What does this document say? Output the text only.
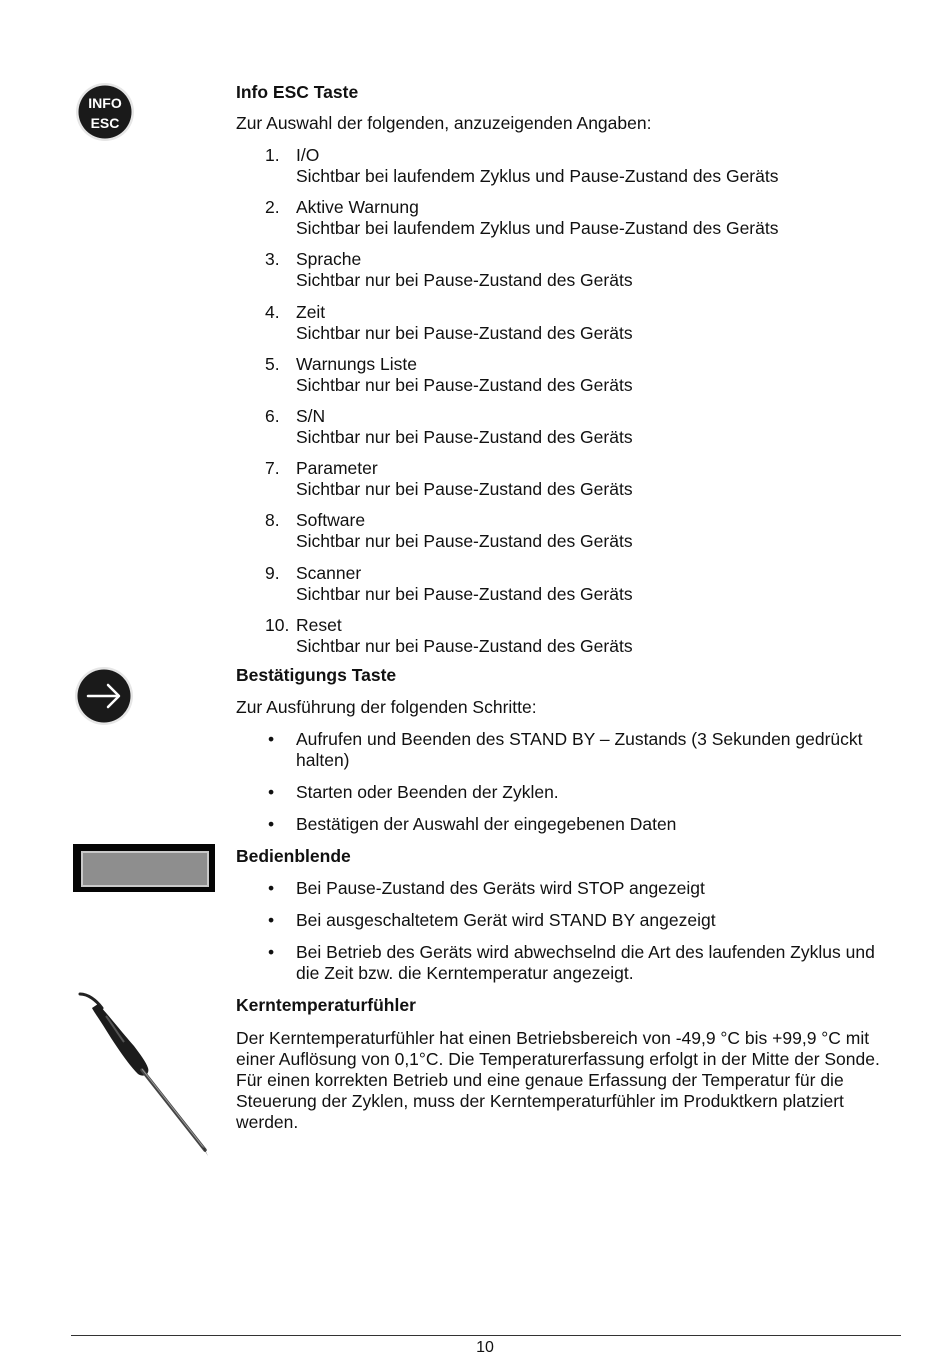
INFO
ESC
Info ESC Taste
Zur Auswahl der folgenden, anzuzeigenden Angaben:
1. I/O
Sichtbar bei laufendem Zyklus und Pause-Zustand des Geräts
2. Aktive Warnung
Sichtbar bei laufendem Zyklus und Pause-Zustand des Geräts
3. Sprache
Sichtbar nur bei Pause-Zustand des Geräts
4. Zeit
Sichtbar nur bei Pause-Zustand des Geräts
5. Warnungs Liste
Sichtbar nur bei Pause-Zustand des Geräts
6. S/N
Sichtbar nur bei Pause-Zustand des Geräts
7. Parameter
Sichtbar nur bei Pause-Zustand des Geräts
8. Software
Sichtbar nur bei Pause-Zustand des Geräts
9. Scanner
Sichtbar nur bei Pause-Zustand des Geräts
10. Reset
Sichtbar nur bei Pause-Zustand des Geräts
Bestätigungs Taste
Zur Ausführung der folgenden Schritte:
• Aufrufen und Beenden des STAND BY – Zustands (3 Sekunden gedrückt halten)
• Starten oder Beenden der Zyklen.
• Bestätigen der Auswahl der eingegebenen Daten
Bedienblende
• Bei Pause-Zustand des Geräts wird STOP angezeigt
• Bei ausgeschaltetem Gerät wird STAND BY angezeigt
• Bei Betrieb des Geräts wird abwechselnd die Art des laufenden Zyklus und die Zeit bzw. die Kerntemperatur angezeigt.
Kerntemperaturfühler
Der Kerntemperaturfühler hat einen Betriebsbereich von -49,9 °C bis +99,9 °C mit einer Auflösung von 0,1°C. Die Temperaturerfassung erfolgt in der Mitte der Sonde. Für einen korrekten Betrieb und eine genaue Erfassung der Temperatur für die Steuerung der Zyklen, muss der Kerntemperaturfühler im Produktkern platziert werden.
10
